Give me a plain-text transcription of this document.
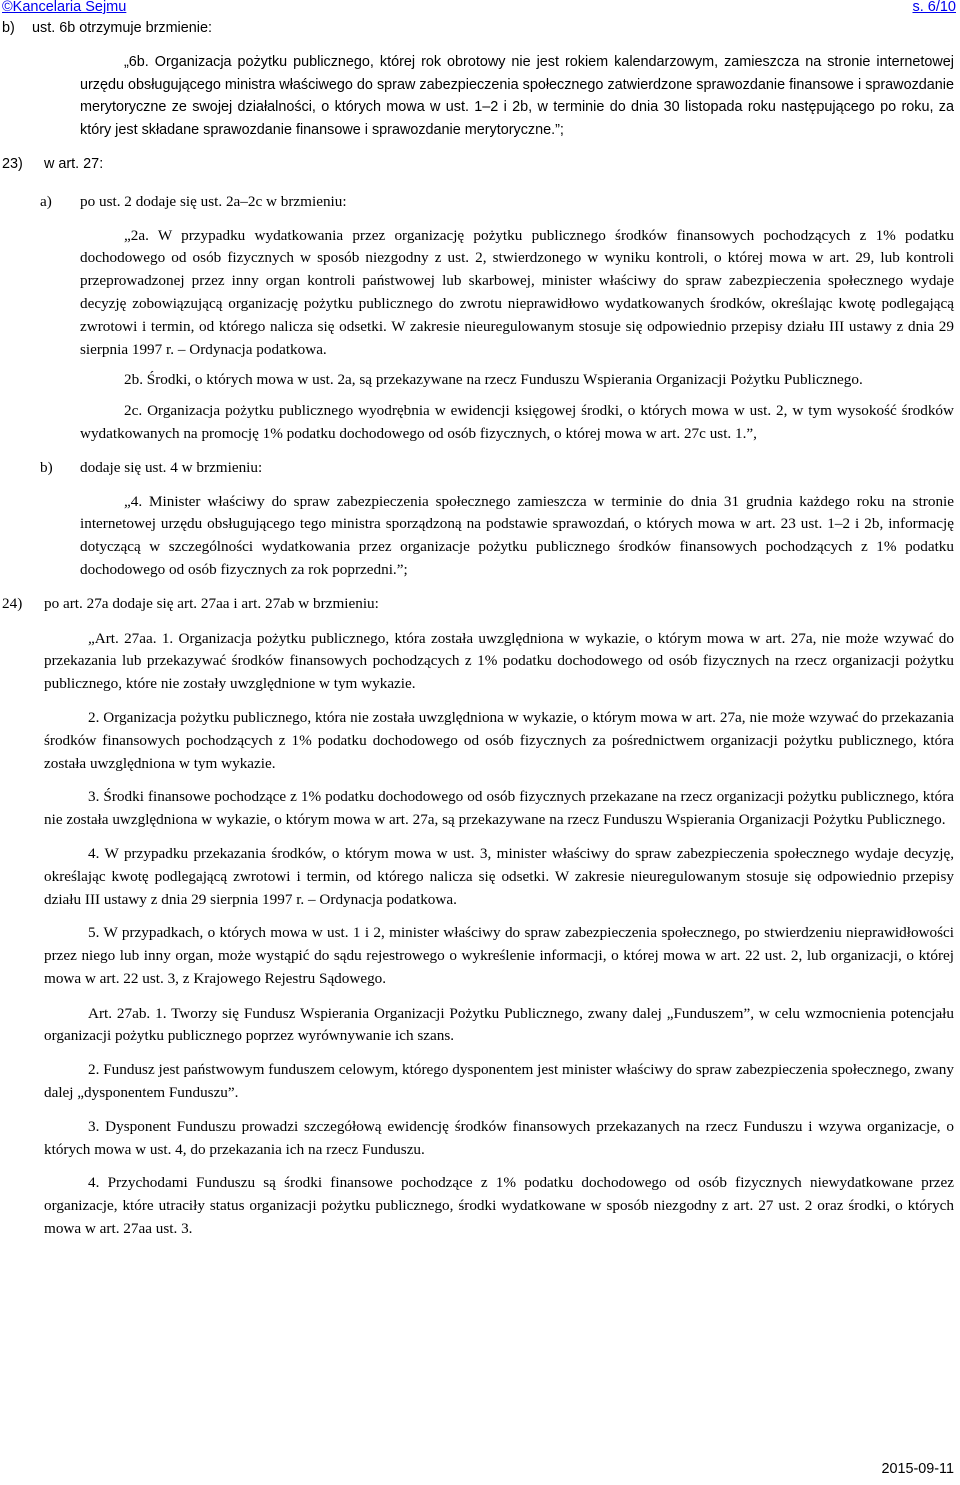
©Kancelaria Sejmu	s. 6/10
b)	ust. 6b otrzymuje brzmienie:

„6b. Organizacja pożytku publicznego, której rok obrotowy nie jest rokiem kalendarzowym, zamieszcza na stronie internetowej urzędu obsługującego ministra właściwego do spraw zabezpieczenia społecznego zatwierdzone sprawozdanie finansowe i sprawozdanie merytoryczne ze swojej działalności, o których mowa w ust. 1–2 i 2b, w terminie do dnia 30 listopada roku następującego po roku, za który jest składane sprawozdanie finansowe i sprawozdanie merytoryczne.”;

23)	w art. 27:
a)	po ust. 2 dodaje się ust. 2a–2c w brzmieniu:

„2a. W przypadku wydatkowania przez organizację pożytku publicznego środków finansowych pochodzących z 1% podatku dochodowego od osób fizycznych w sposób niezgodny z ust. 2, stwierdzonego w wyniku kontroli, o której mowa w art. 29, lub kontroli przeprowadzonej przez inny organ kontroli państwowej lub skarbowej, minister właściwy do spraw zabezpieczenia społecznego wydaje decyzję zobowiązującą organizację pożytku publicznego do zwrotu nieprawidłowo wydatkowanych środków, określając kwotę podlegającą zwrotowi i termin, od którego nalicza się odsetki. W zakresie nieuregulowanym stosuje się odpowiednio przepisy działu III ustawy z dnia 29 sierpnia 1997 r. – Ordynacja podatkowa.

2b. Środki, o których mowa w ust. 2a, są przekazywane na rzecz Funduszu Wspierania Organizacji Pożytku Publicznego.

2c. Organizacja pożytku publicznego wyodrębnia w ewidencji księgowej środki, o których mowa w ust. 2, w tym wysokość środków wydatkowanych na promocję 1% podatku dochodowego od osób fizycznych, o której mowa w art. 27c ust. 1.”,

b)	dodaje się ust. 4 w brzmieniu:

„4. Minister właściwy do spraw zabezpieczenia społecznego zamieszcza w terminie do dnia 31 grudnia każdego roku na stronie internetowej urzędu obsługującego tego ministra sporządzoną na podstawie sprawozdań, o których mowa w art. 23 ust. 1–2 i 2b, informację dotyczącą w szczególności wydatkowania przez organizacje pożytku publicznego środków finansowych pochodzących z 1% podatku dochodowego od osób fizycznych za rok poprzedni.”;

24)	po art. 27a dodaje się art. 27aa i art. 27ab w brzmieniu:

„Art. 27aa. 1. Organizacja pożytku publicznego, która została uwzględniona w wykazie, o którym mowa w art. 27a, nie może wzywać do przekazania lub przekazywać środków finansowych pochodzących z 1% podatku dochodowego od osób fizycznych na rzecz organizacji pożytku publicznego, które nie zostały uwzględnione w tym wykazie.

2. Organizacja pożytku publicznego, która nie została uwzględniona w wykazie, o którym mowa w art. 27a, nie może wzywać do przekazania środków finansowych pochodzących z 1% podatku dochodowego od osób fizycznych za pośrednictwem organizacji pożytku publicznego, która została uwzględniona w tym wykazie.

3. Środki finansowe pochodzące z 1% podatku dochodowego od osób fizycznych przekazane na rzecz organizacji pożytku publicznego, która nie została uwzględniona w wykazie, o którym mowa w art. 27a, są przekazywane na rzecz Funduszu Wspierania Organizacji Pożytku Publicznego.

4. W przypadku przekazania środków, o którym mowa w ust. 3, minister właściwy do spraw zabezpieczenia społecznego wydaje decyzję, określając kwotę podlegającą zwrotowi i termin, od którego nalicza się odsetki. W zakresie nieuregulowanym stosuje się odpowiednio przepisy działu III ustawy z dnia 29 sierpnia 1997 r. – Ordynacja podatkowa.

5. W przypadkach, o których mowa w ust. 1 i 2, minister właściwy do spraw zabezpieczenia społecznego, po stwierdzeniu nieprawidłowości przez niego lub inny organ, może wystąpić do sądu rejestrowego o wykreślenie informacji, o której mowa w art. 22 ust. 2, lub organizacji, o której mowa w art. 22 ust. 3, z Krajowego Rejestru Sądowego.

Art. 27ab. 1. Tworzy się Fundusz Wspierania Organizacji Pożytku Publicznego, zwany dalej „Funduszem”, w celu wzmocnienia potencjału organizacji pożytku publicznego poprzez wyrównywanie ich szans.

2. Fundusz jest państwowym funduszem celowym, którego dysponentem jest minister właściwy do spraw zabezpieczenia społecznego, zwany dalej „dysponentem Funduszu”.

3. Dysponent Funduszu prowadzi szczegółową ewidencję środków finansowych przekazanych na rzecz Funduszu i wzywa organizacje, o których mowa w ust. 4, do przekazania ich na rzecz Funduszu.

4. Przychodami Funduszu są środki finansowe pochodzące z 1% podatku dochodowego od osób fizycznych niewydatkowane przez organizacje, które utraciły status organizacji pożytku publicznego, środki wydatkowane w sposób niezgodny z art. 27 ust. 2 oraz środki, o których mowa w art. 27aa ust. 3.

2015-09-11
